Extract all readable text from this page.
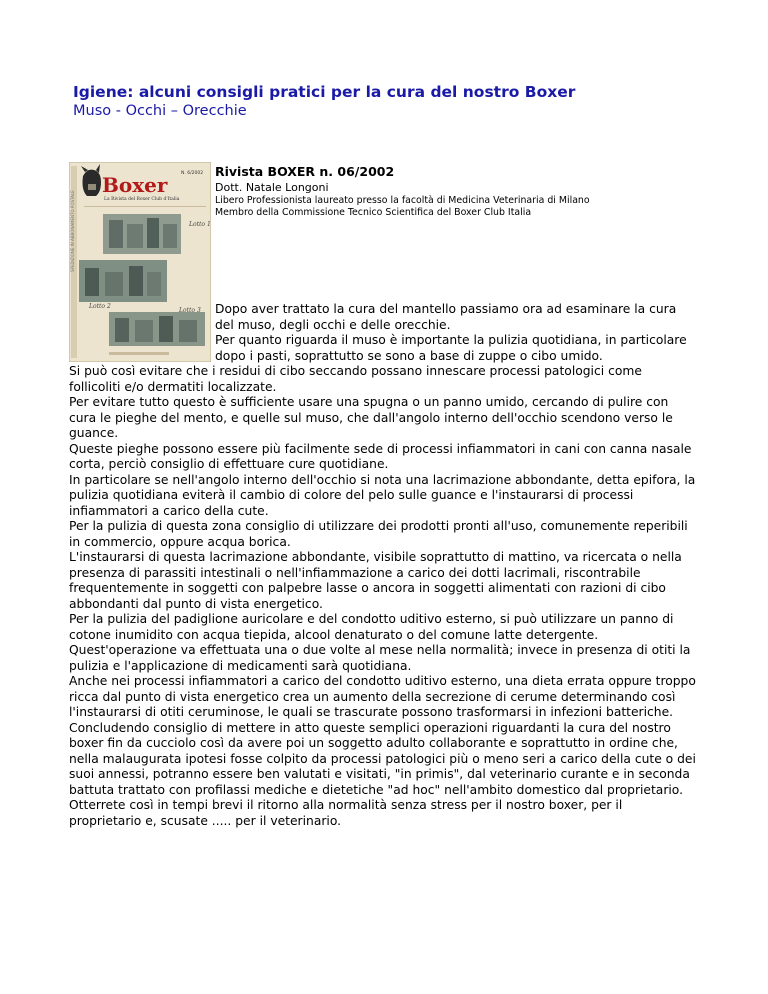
Igiene: alcuni consigli pratici per la cura del nostro Boxer
Muso - Occhi – Orecchie
SPEDIZIONE IN ABBONAMENTO POSTALE
Boxer	N. 6/2002
La Rivista del Boxer Club d'Italia
Lotto 1
Lotto 2
Lotto 3
Rivista BOXER n. 06/2002
Dott. Natale Longoni
Libero Professionista laureato presso la facoltà di Medicina Veterinaria di Milano
Membro della Commissione Tecnico Scientifica del Boxer Club Italia

Dopo aver trattato la cura del mantello passiamo ora ad esaminare la cura del muso, degli occhi e delle orecchie.

Per quanto riguarda il muso è importante la pulizia quotidiana, in particolare dopo i pasti, soprattutto se sono a base di zuppe o cibo umido.

Si può così evitare che i residui di cibo seccando possano innescare processi patologici come follicoliti e/o dermatiti localizzate.

Per evitare tutto questo è sufficiente usare una spugna o un panno umido, cercando di pulire con cura le pieghe del mento, e quelle sul muso, che dall'angolo interno dell'occhio scendono verso le guance.

Queste pieghe possono essere più facilmente sede di processi infiammatori in cani con canna nasale corta, perciò consiglio di effettuare cure quotidiane.

In particolare se nell'angolo interno dell'occhio si nota una lacrimazione abbondante, detta epifora, la pulizia quotidiana eviterà il cambio di colore del pelo sulle guance e l'instaurarsi di processi infiammatori a carico della cute.

Per la pulizia di questa zona consiglio di utilizzare dei prodotti pronti all'uso, comunemente reperibili in commercio, oppure acqua borica.

L'instaurarsi di questa lacrimazione abbondante, visibile soprattutto di mattino, va ricercata o nella presenza di parassiti intestinali o nell'infiammazione a carico dei dotti lacrimali, riscontrabile frequentemente in soggetti con palpebre lasse o ancora in soggetti alimentati con razioni di cibo abbondanti dal punto di vista energetico.

Per la pulizia del padiglione auricolare e del condotto uditivo esterno, si può utilizzare un panno di cotone inumidito con acqua tiepida, alcool denaturato o del comune latte detergente.

Quest'operazione va effettuata una o due volte al mese nella normalità; invece in presenza di otiti la pulizia e l'applicazione di medicamenti sarà quotidiana.

Anche nei processi infiammatori a carico del condotto uditivo esterno, una dieta errata oppure troppo ricca dal punto di vista energetico crea un aumento della secrezione di cerume determinando così l'instaurarsi di otiti ceruminose, le quali se trascurate possono trasformarsi in infezioni batteriche.

Concludendo consiglio di mettere in atto queste semplici operazioni riguardanti la cura del nostro boxer fin da cucciolo così da avere poi un soggetto adulto collaborante e soprattutto in ordine che, nella malaugurata ipotesi fosse colpito da processi patologici più o meno seri a carico della cute o dei suoi annessi, potranno essere ben valutati e visitati, "in primis", dal veterinario curante e in seconda battuta trattato con profilassi mediche e dietetiche "ad hoc" nell'ambito domestico dal proprietario.

Otterrete così in tempi brevi il ritorno alla normalità senza stress per il nostro boxer, per il proprietario e, scusate ..... per il veterinario.
